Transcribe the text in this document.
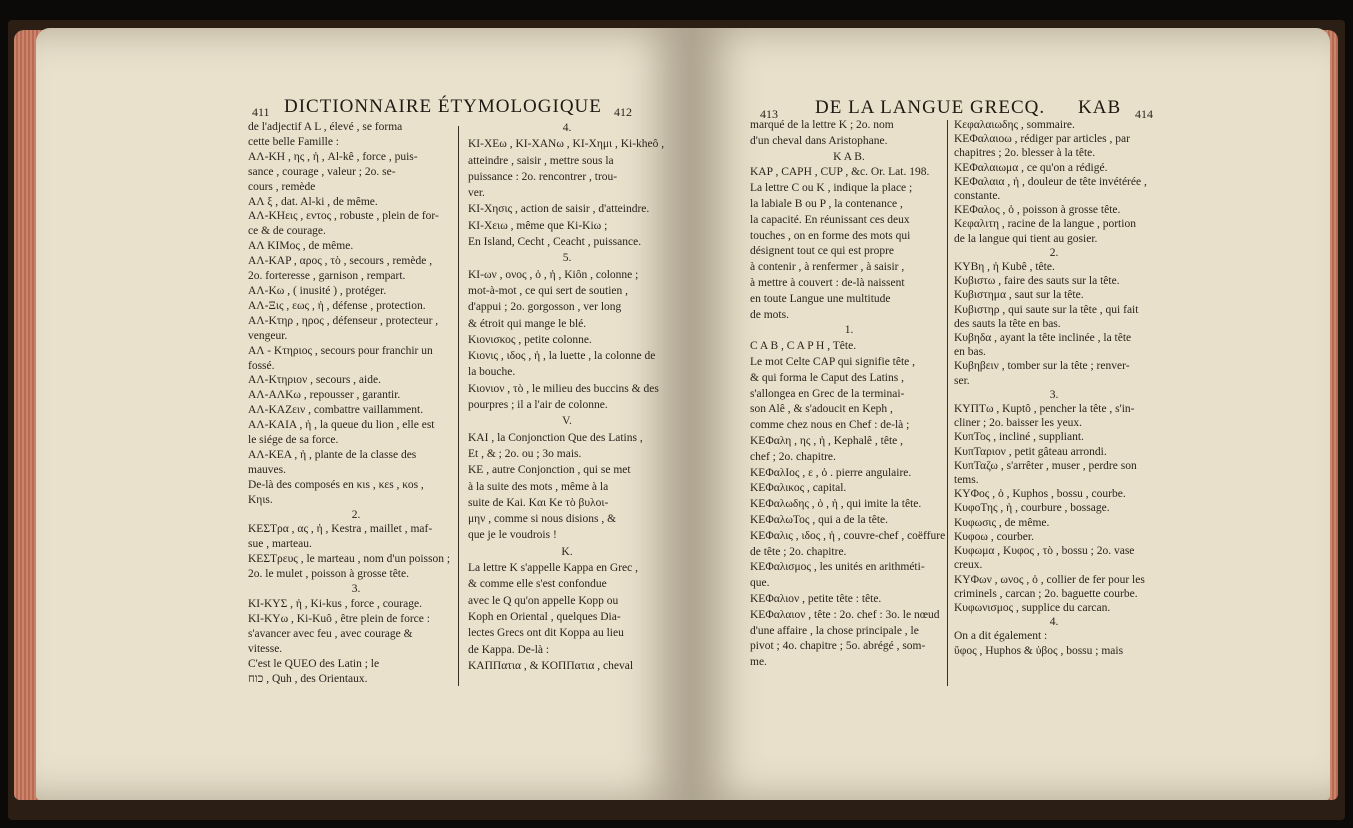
411 DICTIONNAIRE ÉTYMOLOGIQUE 412

de l'adjectif A L , élevé , se forma

cette belle Famille :

AΛ-KH , ης , ἡ , Al-kê , force , puis-

sance , courage , valeur ; 2o. se-

cours , remède

AΛ ξ , dat. Al-ki , de même.

AΛ-KHεις , εντος , robuste , plein de for-

ce & de courage.

AΛ KIMος , de même.

AΛ-KAP , αρος , τὸ , secours , remède ,

2o. forteresse , garnison , rempart.

AΛ-Kω , ( inusité ) , protéger.

AΛ-Ξις , εως , ἡ , défense , protection.

AΛ-Kτηρ , ηρος , défenseur , protecteur ,

vengeur.

AΛ - Kτηριος , secours pour franchir un

fossé.

AΛ-Kτηριον , secours , aide.

AΛ-AΛKω , repousser , garantir.

AΛ-KAZειν , combattre vaillamment.

AΛ-KAIA , ἡ , la queue du lion , elle est

le siége de sa force.

AΛ-KEA , ἡ , plante de la classe des

mauves.

De-là des composés en κιs , κεs , κοs ,

Kηιs.

2.

KEΣTρα , ας , ἡ , Kestra , maillet , maf-

sue , marteau.

KEΣTρευς , le marteau , nom d'un poisson ;

2o. le mulet , poisson à grosse tête.

3.

KI-KYΣ , ἡ , Ki-kus , force , courage.

KI-KYω , Ki-Kuô , être plein de force :

s'avancer avec feu , avec courage &

vitesse.

C'est le QUEO des Latin ; le

כוח , Quh , des Orientaux.

4.

KI-XEω , KI-XANω , KI-Xημι , Ki-kheô ,

atteindre , saisir , mettre sous la

puissance : 2o. rencontrer , trou-

ver.

KI-Xησις , action de saisir , d'atteindre.

KI-Xειω , même que Ki-Kiω ;

En Island, Cecht , Ceacht , puissance.

5.

KI-ων , ονος , ὁ , ἡ , Kiôn , colonne ;

mot-à-mot , ce qui sert de soutien ,

d'appui ; 2o. gorgosson , ver long

& étroit qui mange le blé.

Kιονισκος , petite colonne.

Kιονις , ιδος , ἡ , la luette , la colonne de

la bouche.

Kιονιον , τὸ , le milieu des buccins & des

pourpres ; il a l'air de colonne.

V.

KAI , la Conjonction Que des Latins ,

Et , & ; 2o. ou ; 3o mais.

KE , autre Conjonction , qui se met

à la suite des mots , même à la

suite de Kai. Kαι Ke τὸ βυλοι-

μην , comme si nous disions , &

que je le voudrois !

K.

La lettre K s'appelle Kappa en Grec ,

& comme elle s'est confondue

avec le Q qu'on appelle Kopp ou

Koph en Oriental , quelques Dia-

lectes Grecs ont dit Koppa au lieu

de Kappa. De-là :

KAΠΠατια , & KOΠΠατια , cheval

413 DE LA LANGUE GRECQ. KAB 414

marqué de la lettre K ; 2o. nom

d'un cheval dans Aristophane.

K A B.

KAP , CAPH , CUP , &c. Or. Lat. 198.

La lettre C ou K , indique la place ;

la labiale B ou P , la contenance ,

la capacité. En réunissant ces deux

touches , on en forme des mots qui

désignent tout ce qui est propre

à contenir , à renfermer , à saisir ,

à mettre à couvert : de-là naissent

en toute Langue une multitude

de mots.

1.

C A B , C A P H , Tête.

Le mot Celte CAP qui signifie tête ,

& qui forma le Caput des Latins ,

s'allongea en Grec de la terminai-

son Alê , & s'adoucit en Keph ,

comme chez nous en Chef : de-là ;

KEΦαλη , ης , ἡ , Kephalê , tête ,

chef ; 2o. chapitre.

KEΦαλΙος , ε , ὁ . pierre angulaire.

KEΦαλικος , capital.

KEΦαλωδης , ὁ , ἡ , qui imite la tête.

KEΦαλωΤος , qui a de la tête.

KEΦαλις , ιδος , ἡ , couvre-chef , coëffure

de tête ; 2o. chapitre.

KEΦαλισμος , les unités en arithméti-

que.

KEΦαλιον , petite tête : tête.

KEΦαλαιον , tête : 2o. chef : 3o. le nœud

d'une affaire , la chose principale , le

pivot ; 4o. chapitre ; 5o. abrégé , som-

me.

Kεφαλαιωδης , sommaire.

KEΦαλαιοω , rédiger par articles , par

chapitres ; 2o. blesser à la tête.

KEΦαλαιωμα , ce qu'on a rédigé.

KEΦαλαια , ἡ , douleur de tête invétérée ,

constante.

KEΦαλος , ὁ , poisson à grosse tête.

Kεφαλιτη , racine de la langue , portion

de la langue qui tient au gosier.

2.

KYBη , ἡ Kubê , tête.

Kυβιστω , faire des sauts sur la tête.

Kυβιστημα , saut sur la tête.

Kυβιστηρ , qui saute sur la tête , qui fait

des sauts la tête en bas.

Kυβηδα , ayant la tête inclinée , la tête

en bas.

Kυβηβειν , tomber sur la tête ; renver-

ser.

3.

KYΠΤω , Kuptô , pencher la tête , s'in-

cliner ; 2o. baisser les yeux.

KυπΤος , incliné , suppliant.

KυπΤαριον , petit gâteau arrondi.

KυπΤαζω , s'arrêter , muser , perdre son

tems.

KYΦος , ὁ , Kuphos , bossu , courbe.

KυφοΤης , ἡ , courbure , bossage.

Kυφωσις , de même.

Kυφοω , courber.

Kυφωμα , Kυφος , τὸ , bossu ; 2o. vase

creux.

KYΦων , ωνος , ὁ , collier de fer pour les

criminels , carcan ; 2o. baguette courbe.

Kυφωνισμος , supplice du carcan.

4.

On a dit également :

ὕφος , Huphos & ὑβος , bossu ; mais
